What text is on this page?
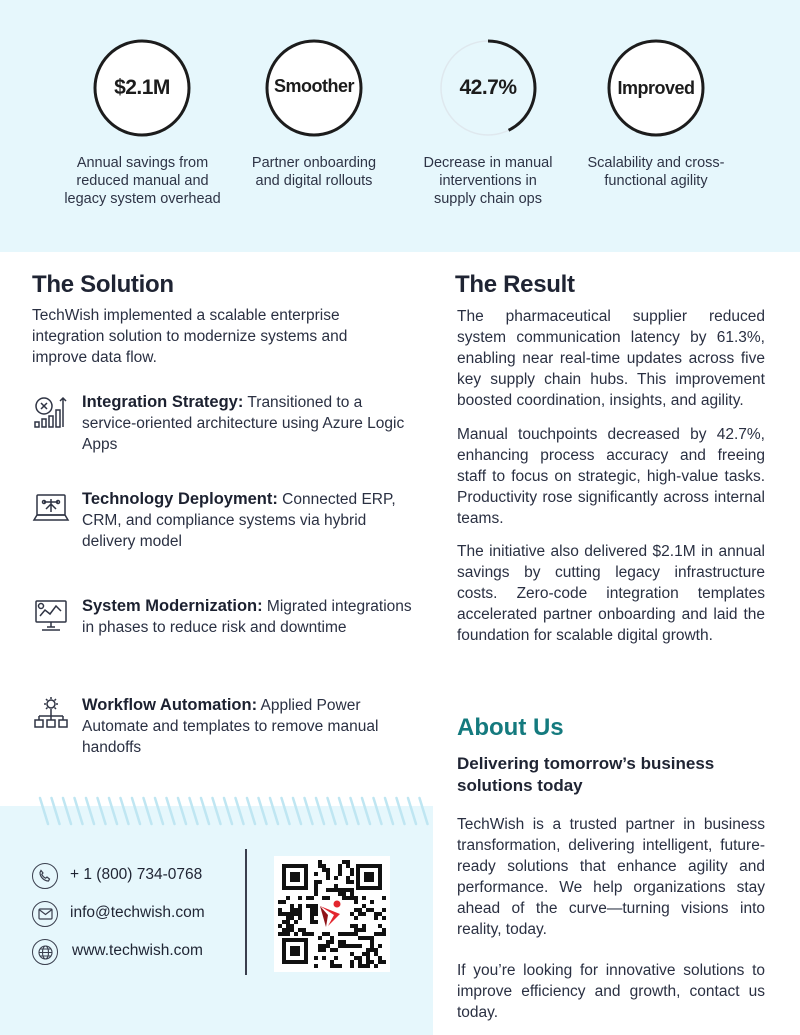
$2.1M
Annual savings from reduced manual and legacy system overhead
Smoother
Partner onboarding and digital rollouts
42.7%
Decrease in manual interventions in supply chain ops
Improved
Scalability and cross-functional agility
The Solution
TechWish implemented a scalable enterprise integration solution to modernize systems and improve data flow.
Integration Strategy: Transitioned to a service-oriented architecture using Azure Logic Apps
Technology Deployment: Connected ERP, CRM, and compliance systems via hybrid delivery model
System Modernization: Migrated integrations in phases to reduce risk and downtime
Workflow Automation: Applied Power Automate and templates to remove manual handoffs
The Result
The pharmaceutical supplier reduced system communication latency by 61.3%, enabling near real-time updates across five key supply chain hubs. This improvement boosted coordination, insights, and agility.
Manual touchpoints decreased by 42.7%, enhancing process accuracy and freeing staff to focus on strategic, high-value tasks. Productivity rose significantly across internal teams.
The initiative also delivered $2.1M in annual savings by cutting legacy infrastructure costs. Zero-code integration templates accelerated partner onboarding and laid the foundation for scalable digital growth.
About Us
Delivering tomorrow’s business solutions today
TechWish is a trusted partner in business transformation, delivering intelligent, future-ready solutions that enhance agility and performance. We help organizations stay ahead of the curve—turning visions into reality, today.
If you’re looking for innovative solutions to improve efficiency and growth, contact us today.
+ 1 (800) 734-0768
info@techwish.com
www.techwish.com
